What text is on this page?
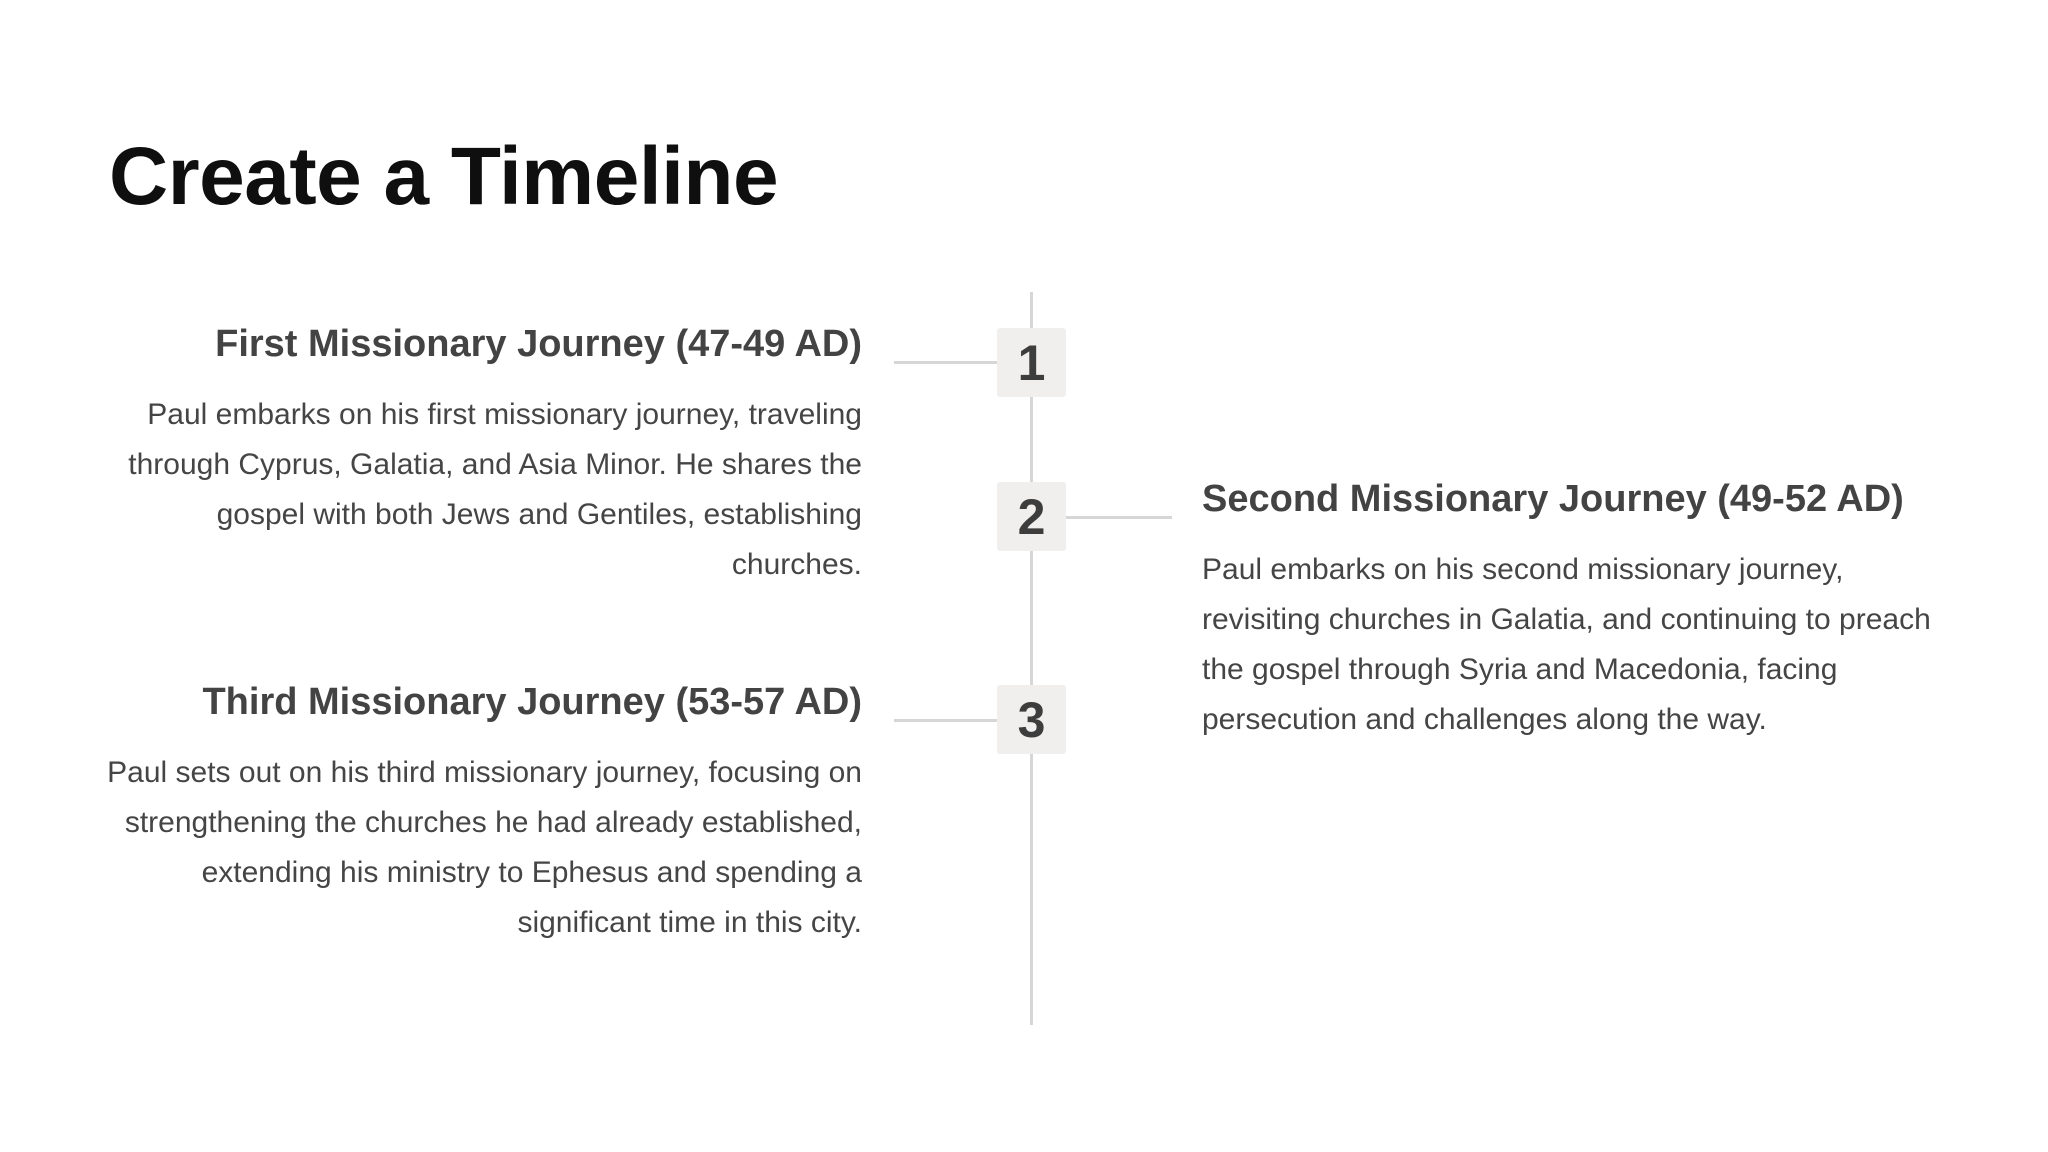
Create a Timeline
1
First Missionary Journey (47-49 AD)

Paul embarks on his first missionary journey, traveling through Cyprus, Galatia, and Asia Minor. He shares the gospel with both Jews and Gentiles, establishing churches.

2	Second Missionary Journey (49-52 AD)

Paul embarks on his second missionary journey, revisiting churches in Galatia, and continuing to preach the gospel through Syria and Macedonia, facing persecution and challenges along the way.

3
Third Missionary Journey (53-57 AD)

Paul sets out on his third missionary journey, focusing on strengthening the churches he had already established, extending his ministry to Ephesus and spending a significant time in this city.
